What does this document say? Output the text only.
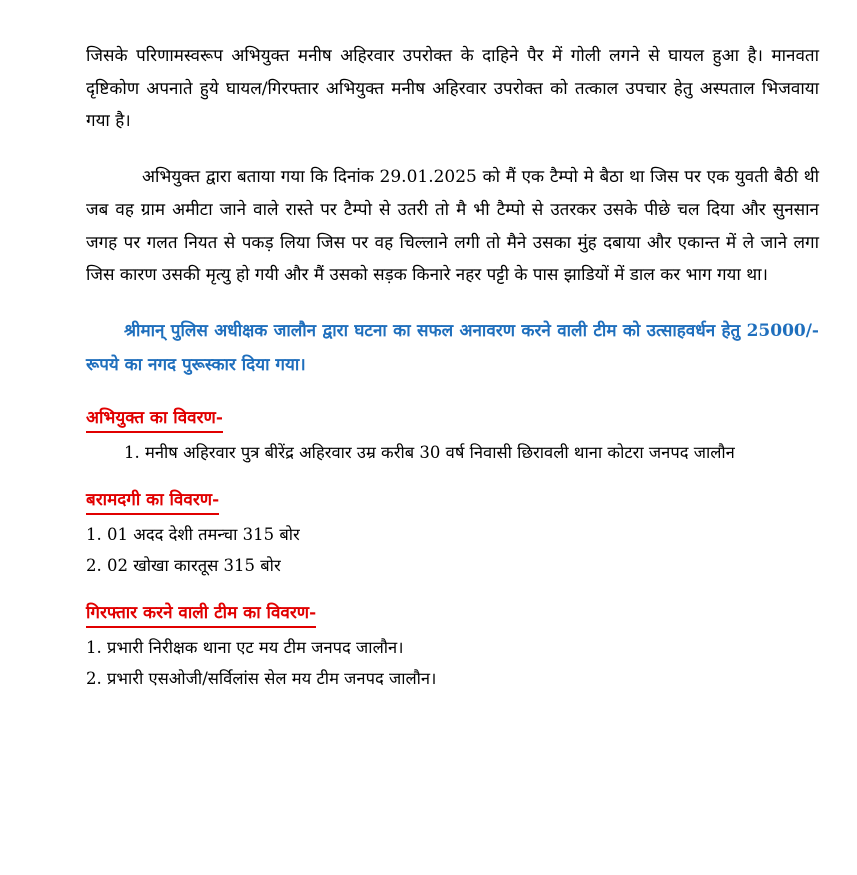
जिसके परिणामस्वरूप अभियुक्त मनीष अहिरवार उपरोक्त के दाहिने पैर में गोली लगने से घायल हुआ है। मानवता दृष्टिकोण अपनाते हुये घायल/गिरफ्तार अभियुक्त मनीष अहिरवार उपरोक्त को तत्काल उपचार हेतु अस्पताल भिजवाया गया है।

अभियुक्त द्वारा बताया गया कि दिनांक 29.01.2025 को मैं एक टैम्पो मे बैठा था जिस पर एक युवती बैठी थी जब वह ग्राम अमीटा जाने वाले रास्ते पर टैम्पो से उतरी तो मै भी टैम्पो से उतरकर उसके पीछे चल दिया और सुनसान जगह पर गलत नियत से पकड़ लिया जिस पर वह चिल्लाने लगी तो मैने उसका मुंह दबाया और एकान्त में ले जाने लगा जिस कारण उसकी मृत्यु हो गयी और मैं उसको सड़क किनारे नहर पट्टी के पास झाडियों में डाल कर भाग गया था।

श्रीमान् पुलिस अधीक्षक जालौन द्वारा घटना का सफल अनावरण करने वाली टीम को उत्साहवर्धन हेतु 25000/- रूपये का नगद पुरूस्कार दिया गया।

अभियुक्त का विवरण-
1. मनीष अहिरवार पुत्र बीरेंद्र अहिरवार उम्र करीब 30 वर्ष निवासी छिरावली थाना कोटरा जनपद जालौन
बरामदगी का विवरण-
1. 01 अदद देशी तमन्चा 315 बोर
2. 02 खोखा कारतूस 315 बोर
गिरफ्तार करने वाली टीम का विवरण-
1. प्रभारी निरीक्षक थाना एट मय टीम जनपद जालौन।
2. प्रभारी एसओजी/सर्विलांस सेल मय टीम जनपद जालौन।
